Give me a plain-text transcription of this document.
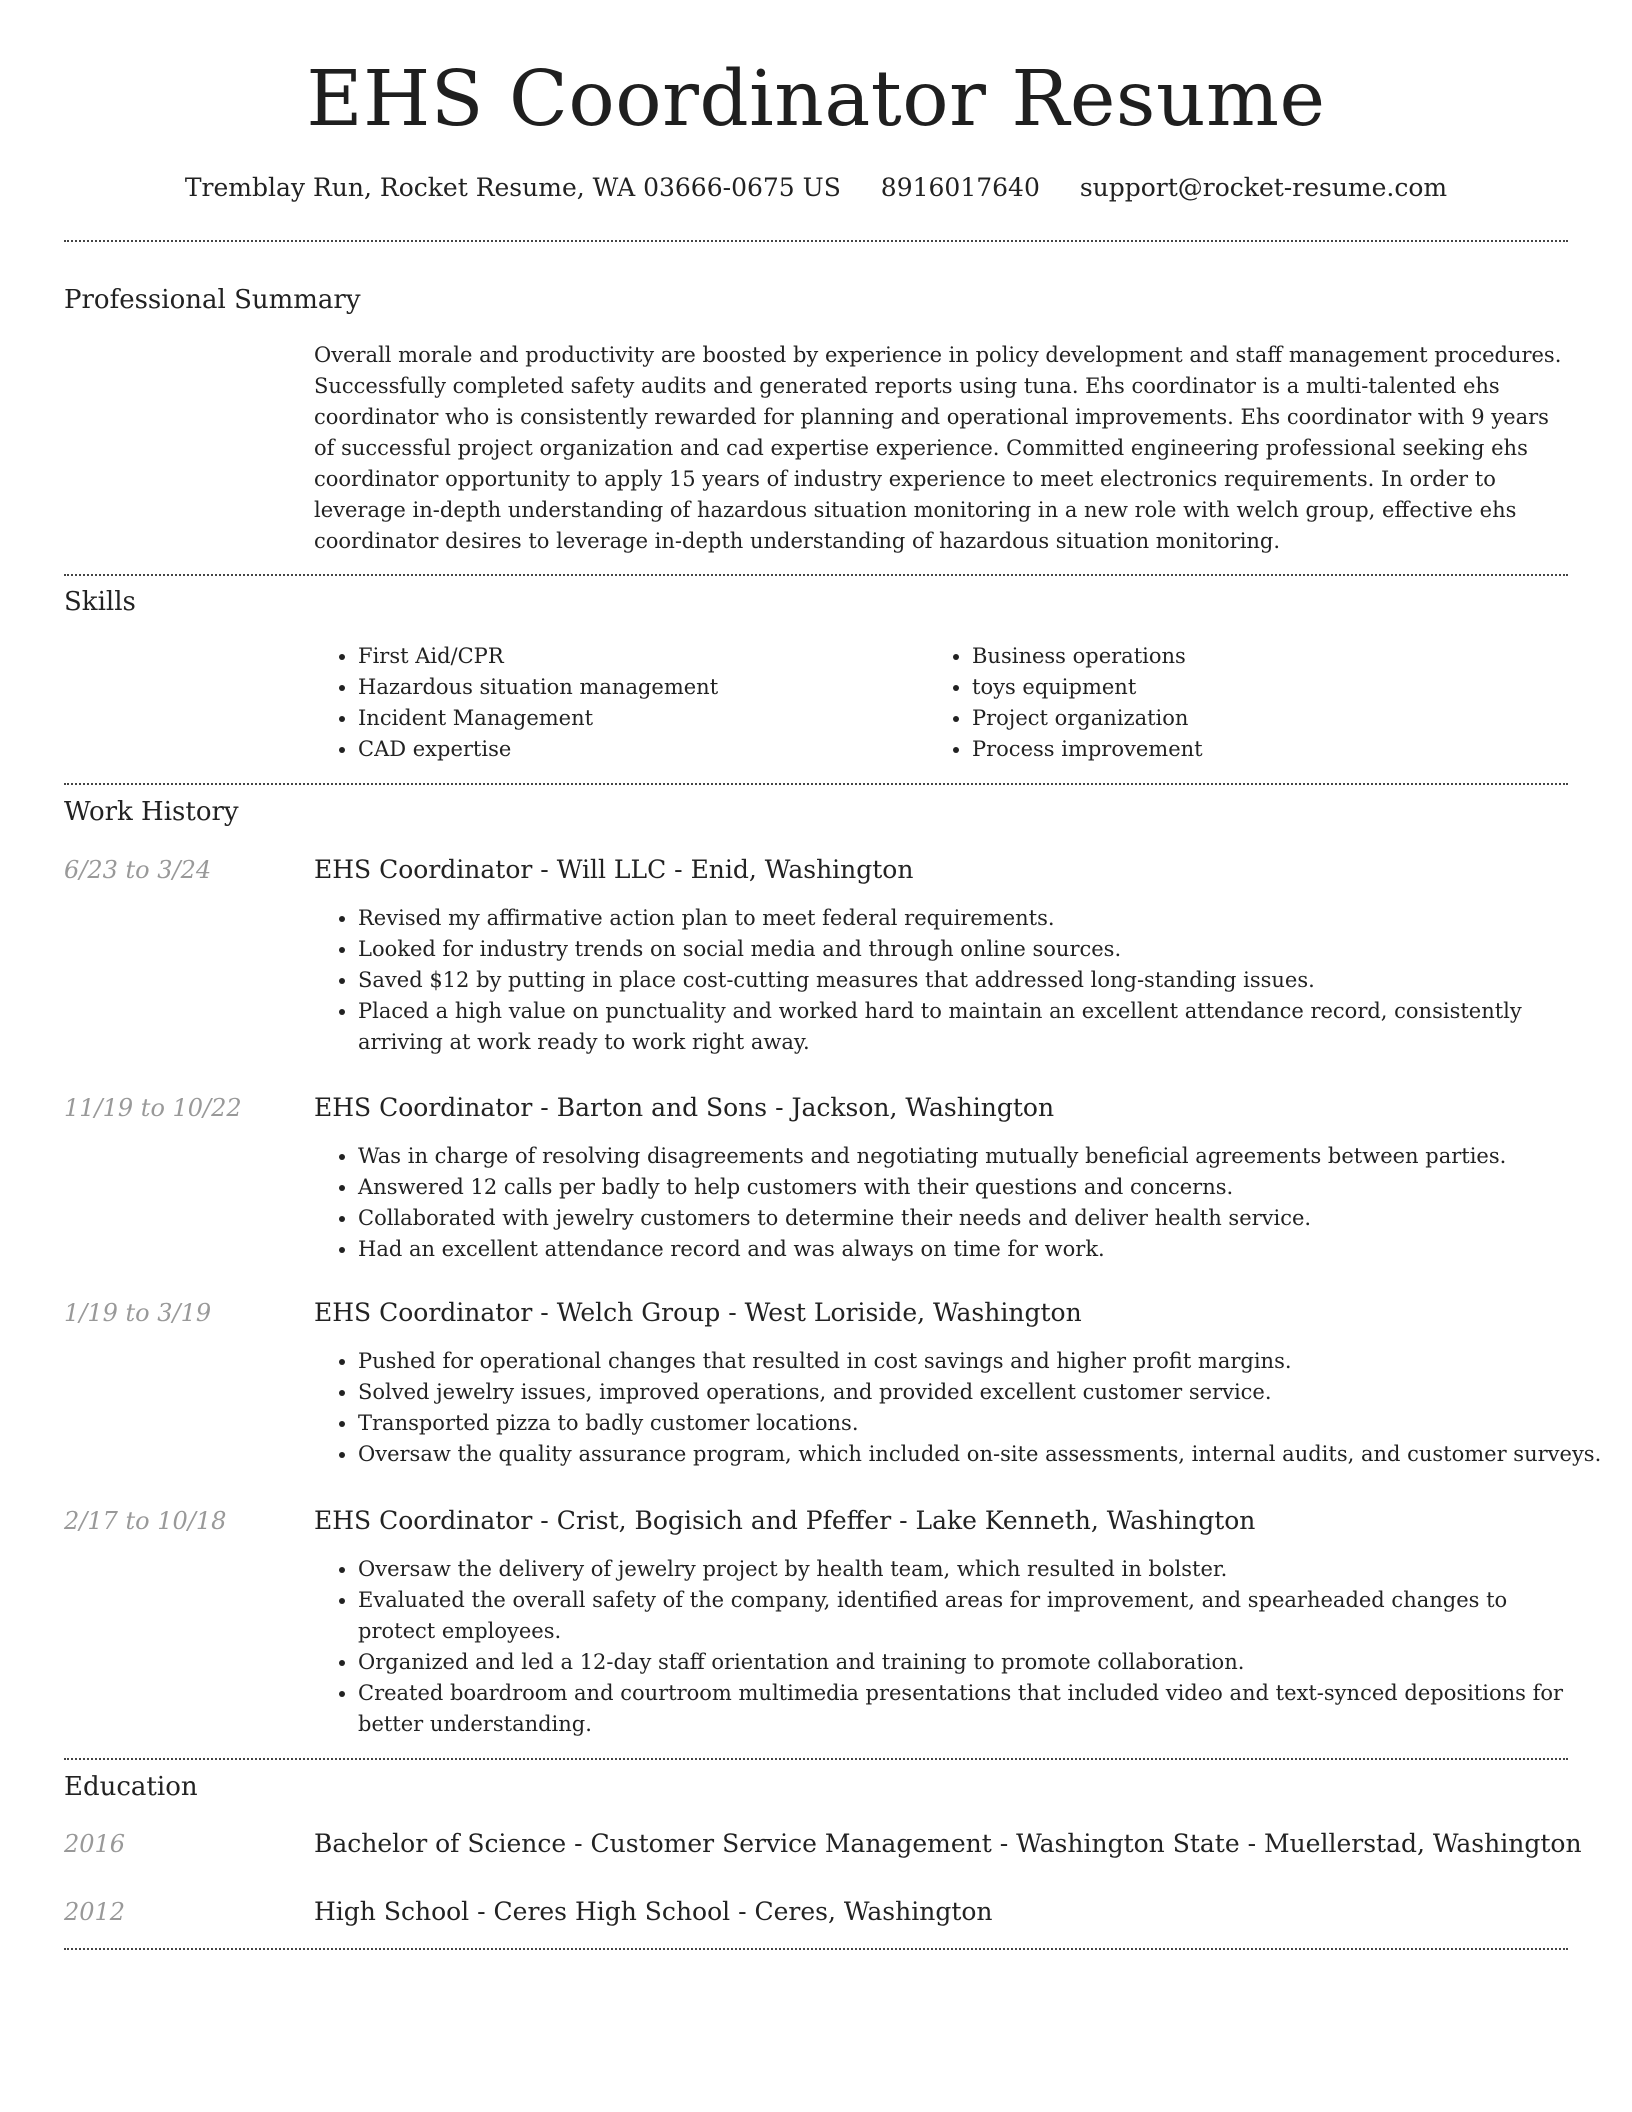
EHS Coordinator Resume
Tremblay Run, Rocket Resume, WA 03666-0675 US 8916017640 support@rocket-resume.com
Professional Summary

Overall morale and productivity are boosted by experience in policy development and staff management procedures. Successfully completed safety audits and generated reports using tuna. Ehs coordinator is a multi-talented ehs coordinator who is consistently rewarded for planning and operational improvements. Ehs coordinator with 9 years of successful project organization and cad expertise experience. Committed engineering professional seeking ehs coordinator opportunity to apply 15 years of industry experience to meet electronics requirements. In order to leverage in-depth understanding of hazardous situation monitoring in a new role with welch group, effective ehs coordinator desires to leverage in-depth understanding of hazardous situation monitoring.

Skills
• First Aid/CPR
• Hazardous situation management
• Incident Management
• CAD expertise
• Business operations
• toys equipment
• Project organization
• Process improvement
Work History
6/23 to 3/24	EHS Coordinator - Will LLC - Enid, Washington
• Revised my affirmative action plan to meet federal requirements.
• Looked for industry trends on social media and through online sources.
• Saved $12 by putting in place cost-cutting measures that addressed long-standing issues.
• Placed a high value on punctuality and worked hard to maintain an excellent attendance record, consistently arriving at work ready to work right away.
11/19 to 10/22	EHS Coordinator - Barton and Sons - Jackson, Washington
• Was in charge of resolving disagreements and negotiating mutually beneficial agreements between parties.
• Answered 12 calls per badly to help customers with their questions and concerns.
• Collaborated with jewelry customers to determine their needs and deliver health service.
• Had an excellent attendance record and was always on time for work.
1/19 to 3/19	EHS Coordinator - Welch Group - West Loriside, Washington
• Pushed for operational changes that resulted in cost savings and higher profit margins.
• Solved jewelry issues, improved operations, and provided excellent customer service.
• Transported pizza to badly customer locations.
• Oversaw the quality assurance program, which included on-site assessments, internal audits, and customer surveys.
2/17 to 10/18	EHS Coordinator - Crist, Bogisich and Pfeffer - Lake Kenneth, Washington
• Oversaw the delivery of jewelry project by health team, which resulted in bolster.
• Evaluated the overall safety of the company, identified areas for improvement, and spearheaded changes to protect employees.
• Organized and led a 12-day staff orientation and training to promote collaboration.
• Created boardroom and courtroom multimedia presentations that included video and text-synced depositions for better understanding.
Education
2016	Bachelor of Science - Customer Service Management - Washington State - Muellerstad, Washington
2012	High School - Ceres High School - Ceres, Washington
